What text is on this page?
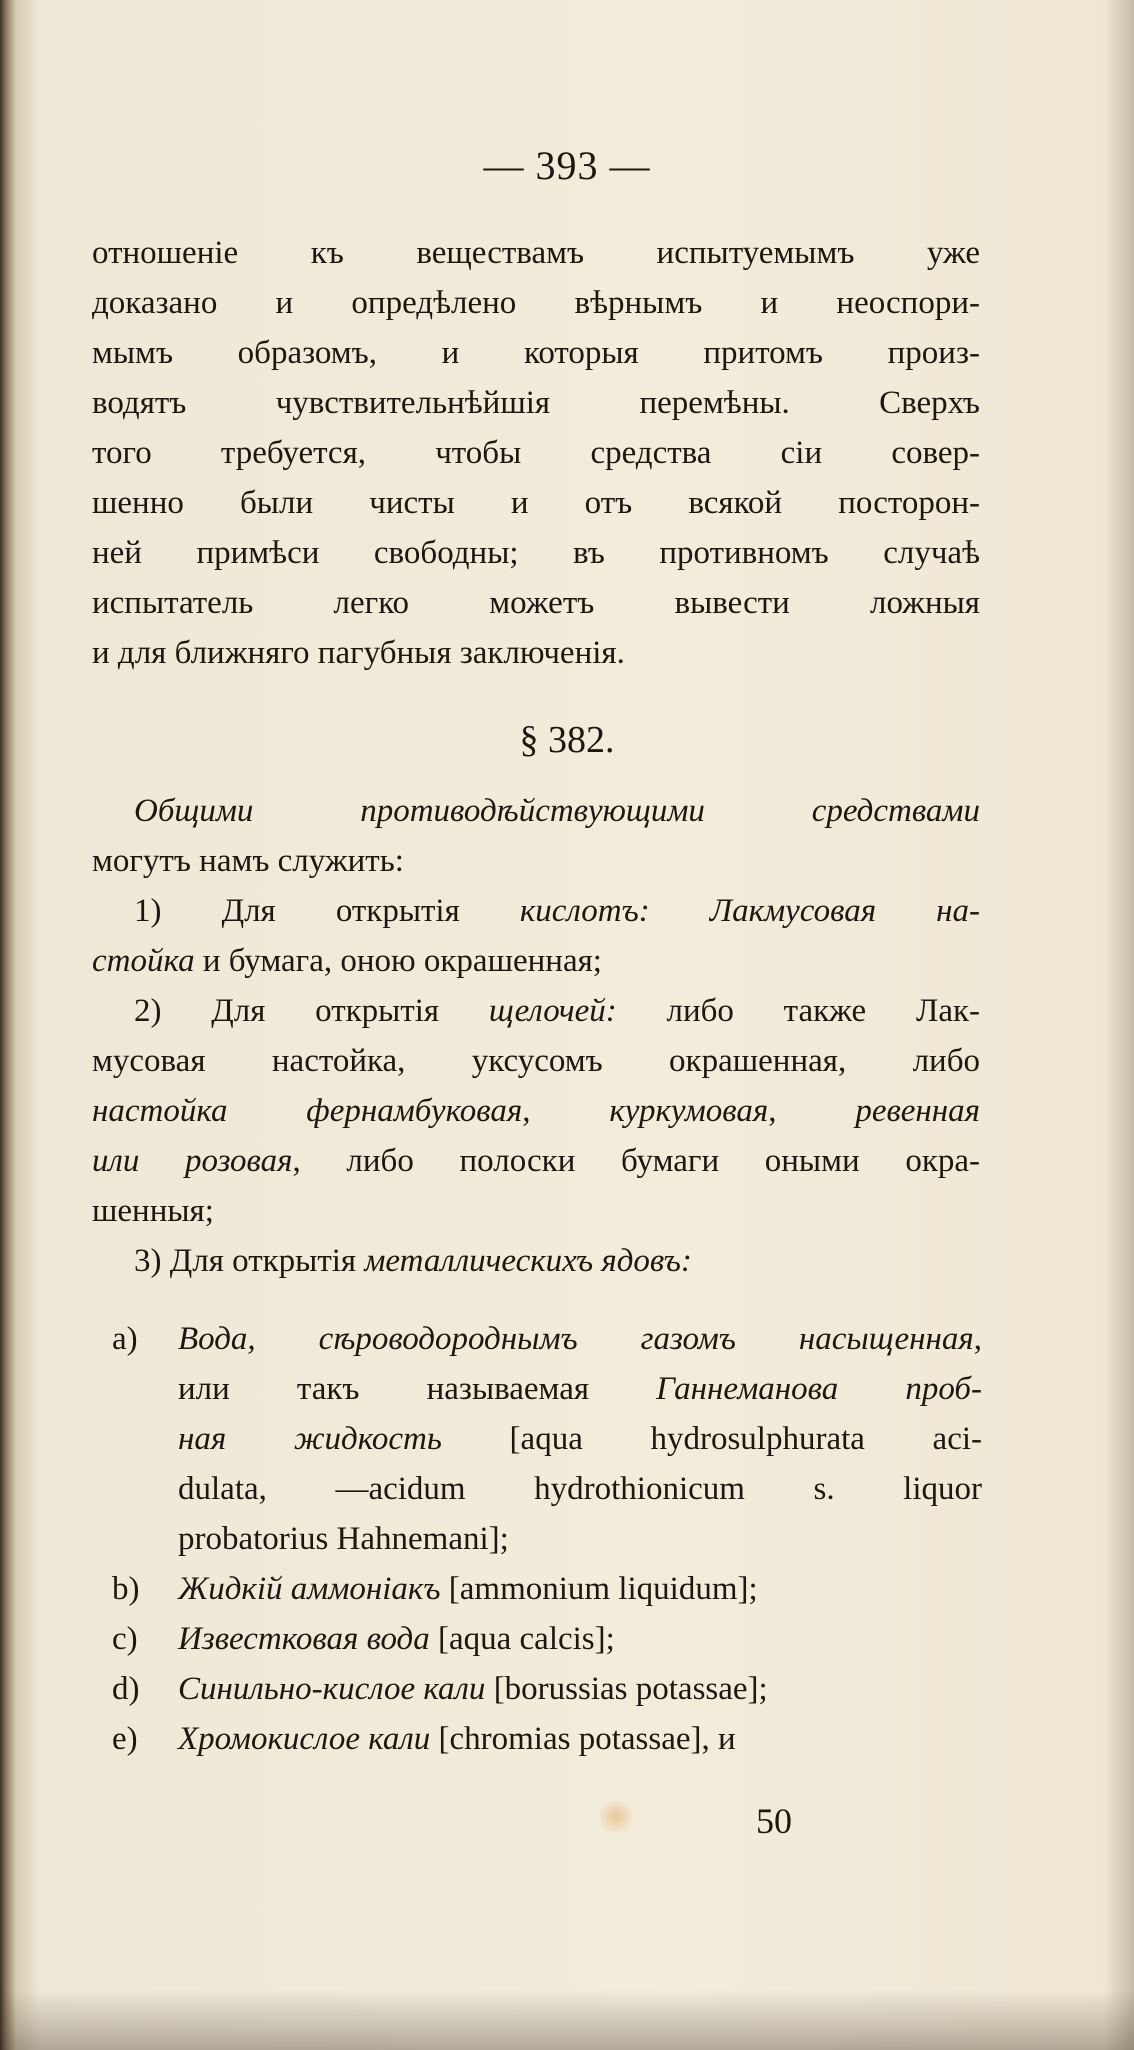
— 393 —
отношеніе къ веществамъ испытуемымъ уже
доказано и опредѣлено вѣрнымъ и неоспори-
мымъ образомъ, и которыя притомъ произ-
водятъ чувствительнѣйшія перемѣны. Сверхъ
того требуется, чтобы средства сіи совер-
шенно были чисты и отъ всякой посторон-
ней примѣси свободны; въ противномъ случаѣ
испытатель легко можетъ вывести ложныя
и для ближняго пагубныя заключенія.
§ 382.
Общими противодѣйствующими средствами
могутъ намъ служить:
1) Для открытія кислотъ: Лакмусовая на-
стойка и бумага, оною окрашенная;
2) Для открытія щелочей: либо также Лак-
мусовая настойка, уксусомъ окрашенная, либо
настойка фернамбуковая, куркумовая, ревенная
или розовая, либо полоски бумаги оными окра-
шенныя;
3) Для открытія металлическихъ ядовъ:
a)	Вода, сѣроводороднымъ газомъ насыщенная,
или такъ называемая Ганнеманова проб-
ная жидкость [aqua hydrosulphurata aci-
dulata, —acidum hydrothionicum s. liquor
probatorius Hahnemani];
b)	Жидкій аммоніакъ [ammonium liquidum];
c)	Известковая вода [aqua calcis];
d)	Синильно-кислое кали [borussias potassae];
e)	Хромокислое кали [chromias potassae], и
50
